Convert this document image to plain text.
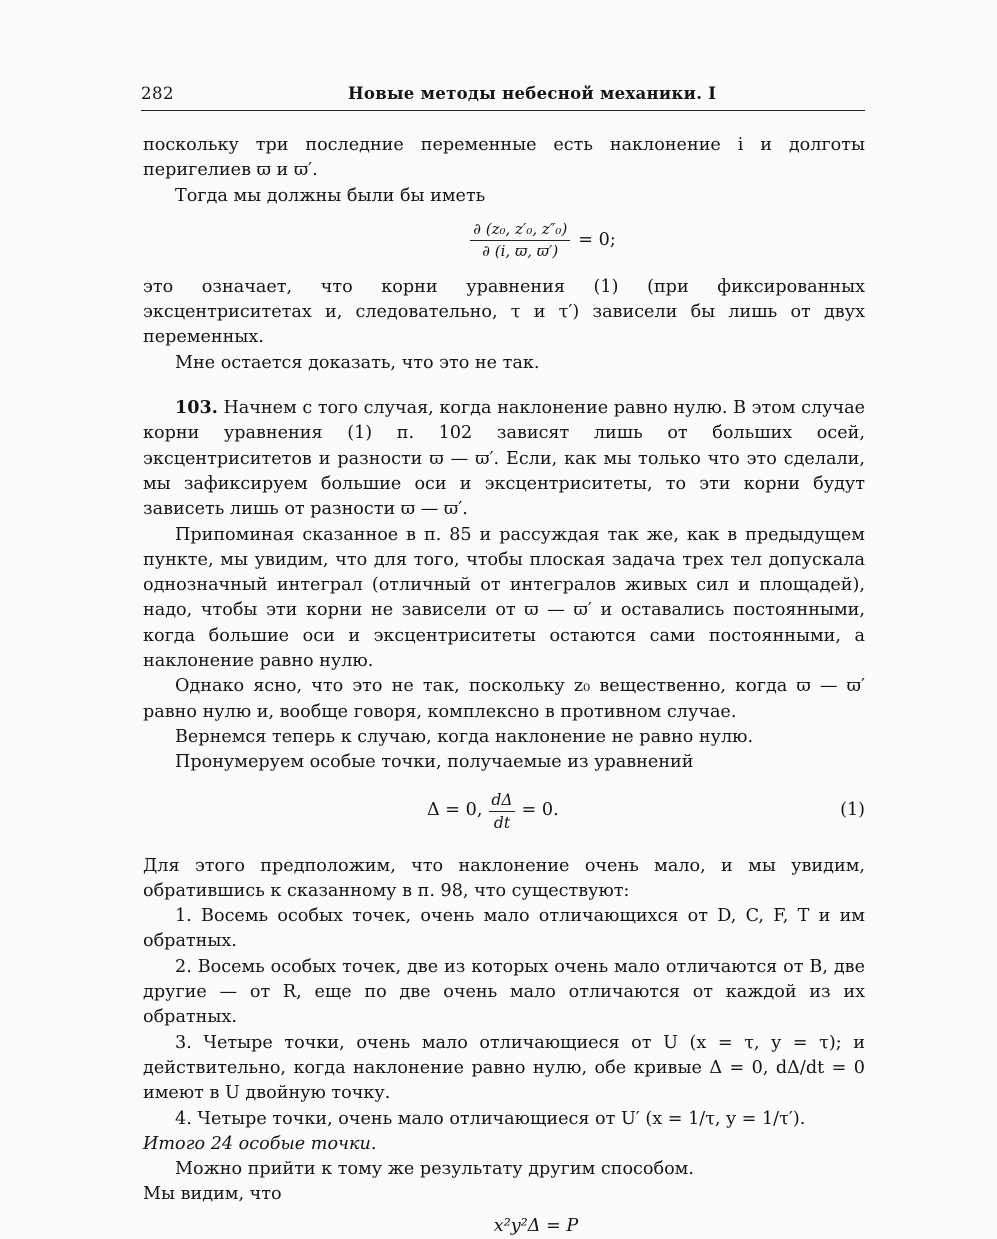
282	Новые методы небесной механики. I

поскольку три последние переменные есть наклонение i и долготы перигелиев ϖ и ϖ′.

Тогда мы должны были бы иметь

$\frac{\text{∂ (z₀, z′₀, z″₀)}}{\partial (i, ϖ, ϖ')} = 0$;

это означает, что корни уравнения (1) (при фиксированных эксцентриситетах и, следовательно, τ и τ′) зависели бы лишь от двух переменных.

Мне остается доказать, что это не так.

103. Начнем с того случая, когда наклонение равно нулю. В этом случае корни уравнения (1) п. 102 зависят лишь от больших осей, эксцентриситетов и разности ϖ — ϖ′. Если, как мы только что это сделали, мы зафиксируем большие оси и эксцентриситеты, то эти корни будут зависеть лишь от разности ϖ — ϖ′.

Припоминая сказанное в п. 85 и рассуждая так же, как в предыдущем пункте, мы увидим, что для того, чтобы плоская задача трех тел допускала однозначный интеграл (отличный от интегралов живых сил и площадей), надо, чтобы эти корни не зависели от ϖ — ϖ′ и оставались постоянными, когда большие оси и эксцентриситеты остаются сами постоянными, а наклонение равно нулю.

Однако ясно, что это не так, поскольку z₀ вещественно, когда ϖ — ϖ′ равно нулю и, вообще говоря, комплексно в противном случае.

Вернемся теперь к случаю, когда наклонение не равно нулю.

Пронумеруем особые точки, получаемые из уравнений

Δ = 0, $\frac{d\Delta}{dt} = 0$.	(1)

Для этого предположим, что наклонение очень мало, и мы увидим, обратившись к сказанному в п. 98, что существуют:

1. Восемь особых точек, очень мало отличающихся от D, C, F, T и им обратных.

2. Восемь особых точек, две из которых очень мало отличаются от B, две другие — от R, еще по две очень мало отличаются от каждой из их обратных.

3. Четыре точки, очень мало отличающиеся от U (x = τ, y = τ); и действительно, когда наклонение равно нулю, обе кривые Δ = 0, dΔ/dt = 0 имеют в U двойную точку.

4. Четыре точки, очень мало отличающиеся от U′ (x = 1/τ, y = 1/τ′).

Итого 24 особые точки.

Можно прийти к тому же результату другим способом.

Мы видим, что

x²y²Δ = P
